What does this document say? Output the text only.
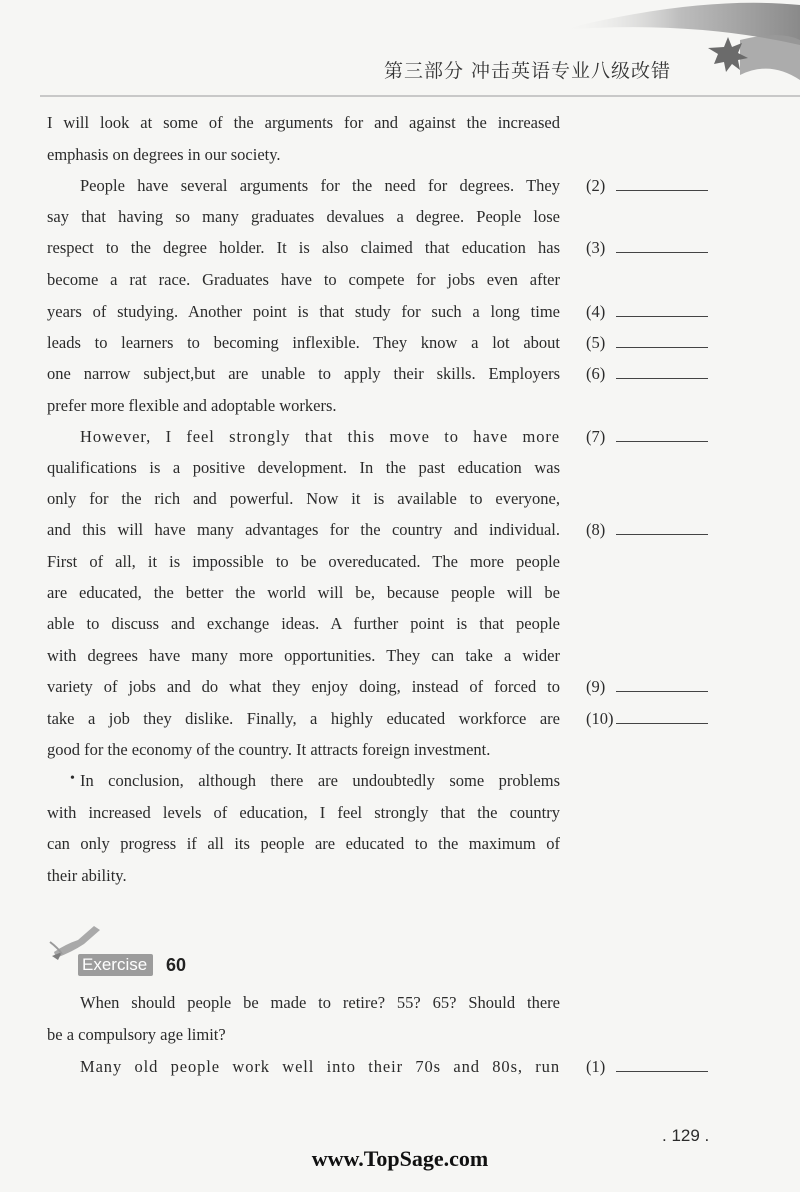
第三部分 冲击英语专业八级改错
I will look at some of the arguments for and against the increased
emphasis on degrees in our society.
People have several arguments for the need for degrees. They
say that having so many graduates devalues a degree. People lose
respect to the degree holder. It is also claimed that education has
become a rat race. Graduates have to compete for jobs even after
years of studying. Another point is that study for such a long time
leads to learners to becoming inflexible. They know a lot about
one narrow subject,but are unable to apply their skills. Employers
prefer more flexible and adoptable workers.
However, I feel strongly that this move to have more
qualifications is a positive development. In the past education was
only for the rich and powerful. Now it is available to everyone,
and this will have many advantages for the country and individual.
First of all, it is impossible to be overeducated. The more people
are educated, the better the world will be, because people will be
able to discuss and exchange ideas. A further point is that people
with degrees have many more opportunities. They can take a wider
variety of jobs and do what they enjoy doing, instead of forced to
take a job they dislike. Finally, a highly educated workforce are
good for the economy of the country. It attracts foreign investment.
• In conclusion, although there are undoubtedly some problems
with increased levels of education, I feel strongly that the country
can only progress if all its people are educated to the maximum of
their ability.
(2)
(3)
(4)
(5)
(6)
(7)
(8)
(9)
(10)
Exercise	60
When should people be made to retire? 55? 65? Should there
be a compulsory age limit?
Many old people work well into their 70s and 80s, run (1)
. 129 .
www.TopSage.com
